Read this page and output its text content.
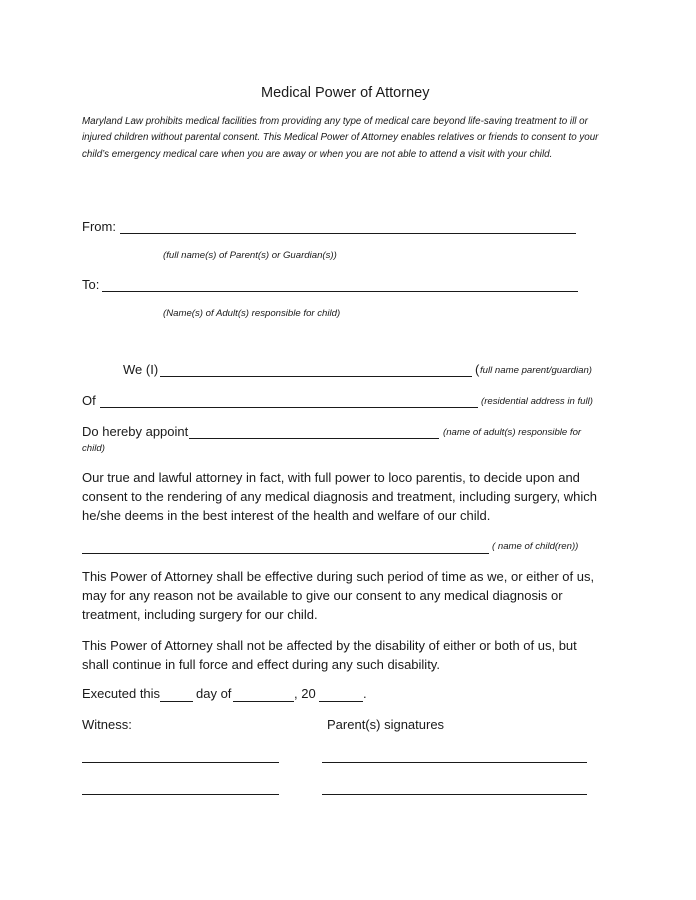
Medical Power of Attorney
Maryland Law prohibits medical facilities from providing any type of medical care beyond life-saving treatment to ill or injured children without parental consent. This Medical Power of Attorney enables relatives or friends to consent to your child’s emergency medical care when you are away or when you are not able to attend a visit with your child.
From:
(full name(s) of Parent(s) or Guardian(s))
To:
(Name(s) of Adult(s) responsible for child)
We (I)	( full name parent/guardian)
Of	(residential address in full)
Do hereby appoint	(name of adult(s) responsible for
child)
Our true and lawful attorney in fact, with full power to loco parentis, to decide upon and consent to the rendering of any medical diagnosis and treatment, including surgery, which he/she deems in the best interest of the health and welfare of our child.
( name of child(ren))
This Power of Attorney shall be effective during such period of time as we, or either of us, may for any reason not be available to give our consent to any medical diagnosis or treatment, including surgery for our child.
This Power of Attorney shall not be affected by the disability of either or both of us, but shall continue in full force and effect during any such disability.
Executed this	day of	, 20	.
Witness:	Parent(s) signatures
